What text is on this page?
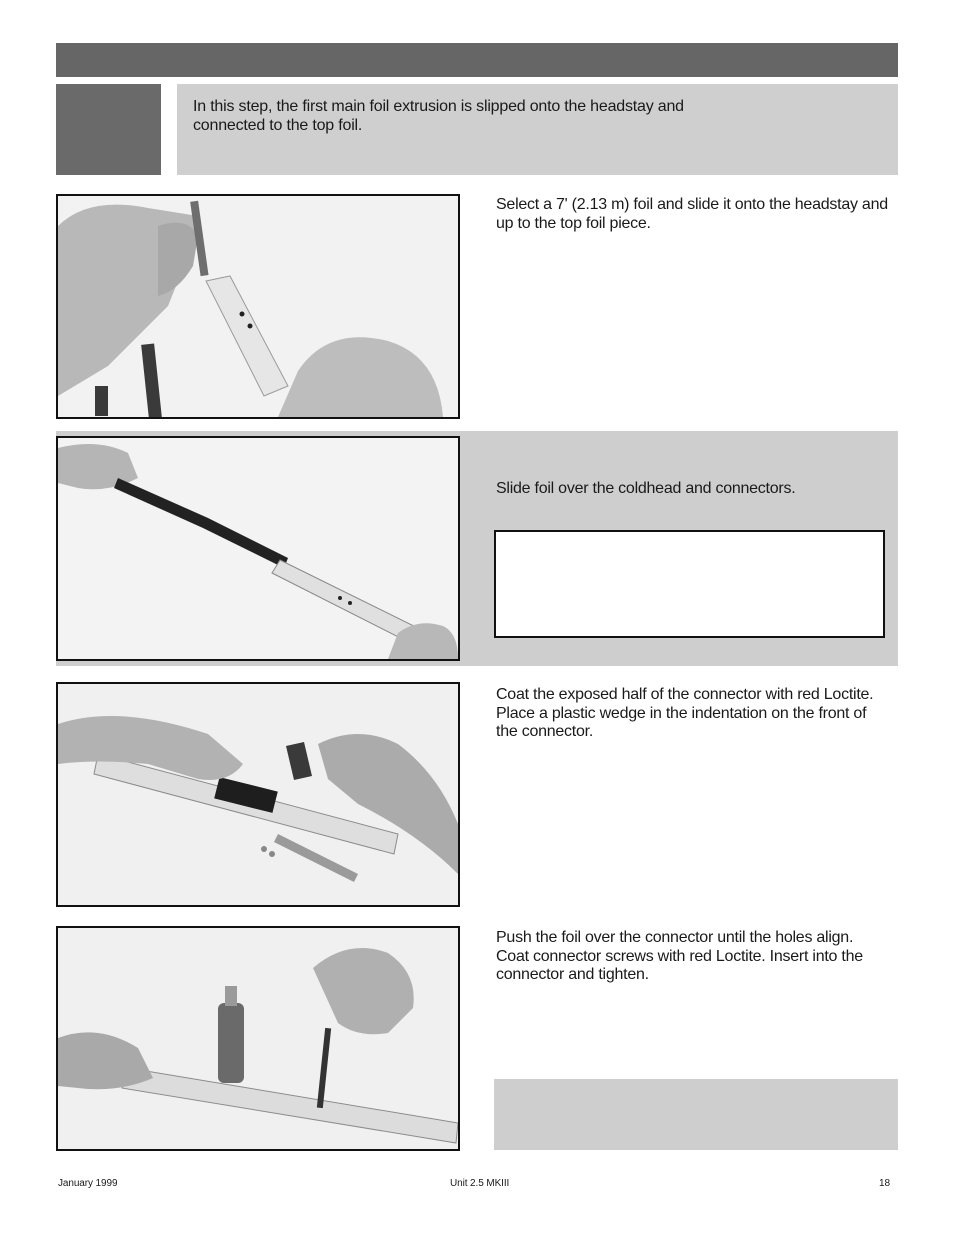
In this step, the first main foil extrusion is slipped onto the headstay and connected to the top foil.
Select a 7' (2.13 m) foil and slide it onto the headstay and up to the top foil piece.
Slide foil over the coldhead and connectors.
Coat the exposed half of the connector with red Loctite. Place a plastic wedge in the indentation on the front of the connector.
Push the foil over the connector until the holes align. Coat connector screws with red Loctite. Insert into the connector and tighten.
January 1999	Unit 2.5 MKIII	18
